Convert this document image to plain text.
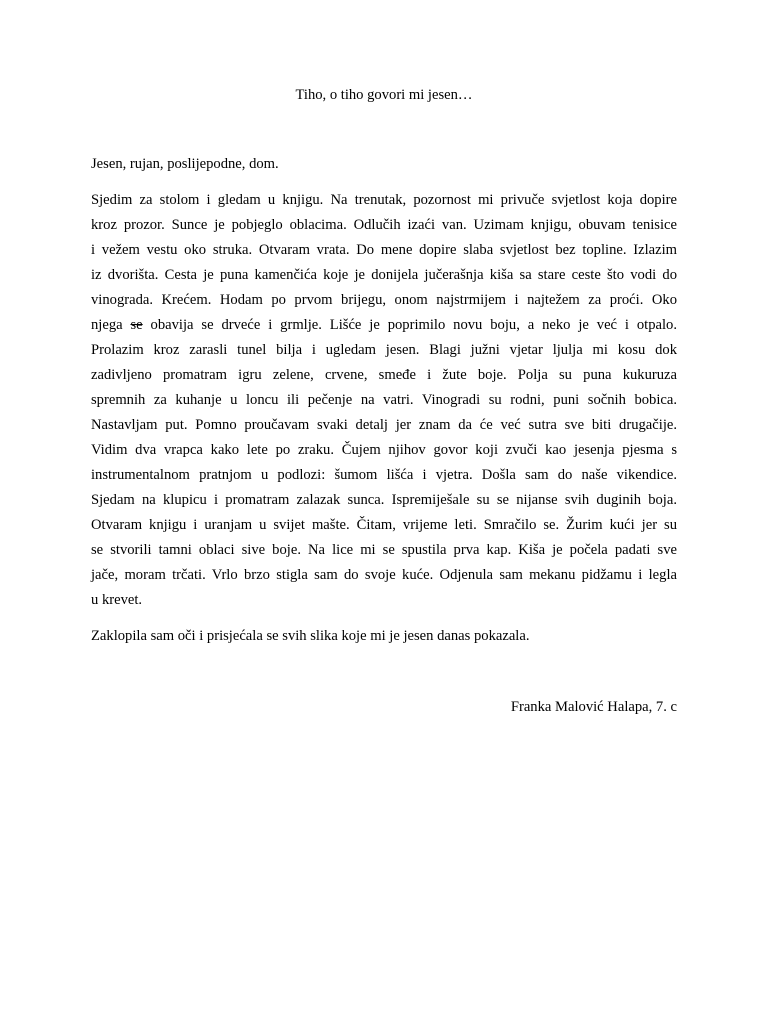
Tiho, o tiho govori mi jesen…

Jesen, rujan, poslijepodne, dom.

Sjedim za stolom i gledam u knjigu. Na trenutak, pozornost mi privuče svjetlost koja dopire
kroz prozor. Sunce je pobjeglo oblacima. Odlučih izaći van. Uzimam knjigu, obuvam tenisice
i vežem vestu oko struka. Otvaram vrata. Do mene dopire slaba svjetlost bez topline. Izlazim
iz dvorišta. Cesta je puna kamenčića koje je donijela jučerašnja kiša sa stare ceste što vodi do
vinograda. Krećem. Hodam po prvom brijegu, onom najstrmijem i najtežem za proći. Oko
njega se obavija se drveće i grmlje. Lišće je poprimilo novu boju, a neko je već i otpalo.
Prolazim kroz zarasli tunel bilja i ugledam jesen. Blagi južni vjetar ljulja mi kosu dok
zadivljeno promatram igru zelene, crvene, smeđe i žute boje. Polja su puna kukuruza
spremnih za kuhanje u loncu ili pečenje na vatri. Vinogradi su rodni, puni sočnih bobica.
Nastavljam put. Pomno proučavam svaki detalj jer znam da će već sutra sve biti drugačije.
Vidim dva vrapca kako lete po zraku. Čujem njihov govor koji zvuči kao jesenja pjesma s
instrumentalnom pratnjom u podlozi: šumom lišća i vjetra. Došla sam do naše vikendice.
Sjedam na klupicu i promatram zalazak sunca. Ispremiješale su se nijanse svih duginih boja.
Otvaram knjigu i uranjam u svijet mašte. Čitam, vrijeme leti. Smračilo se. Žurim kući jer su
se stvorili tamni oblaci sive boje. Na lice mi se spustila prva kap. Kiša je počela padati sve
jače, moram trčati. Vrlo brzo stigla sam do svoje kuće. Odjenula sam mekanu pidžamu i legla
u krevet.

Zaklopila sam oči i prisjećala se svih slika koje mi je jesen danas pokazala.

Franka Malović Halapa, 7. c
